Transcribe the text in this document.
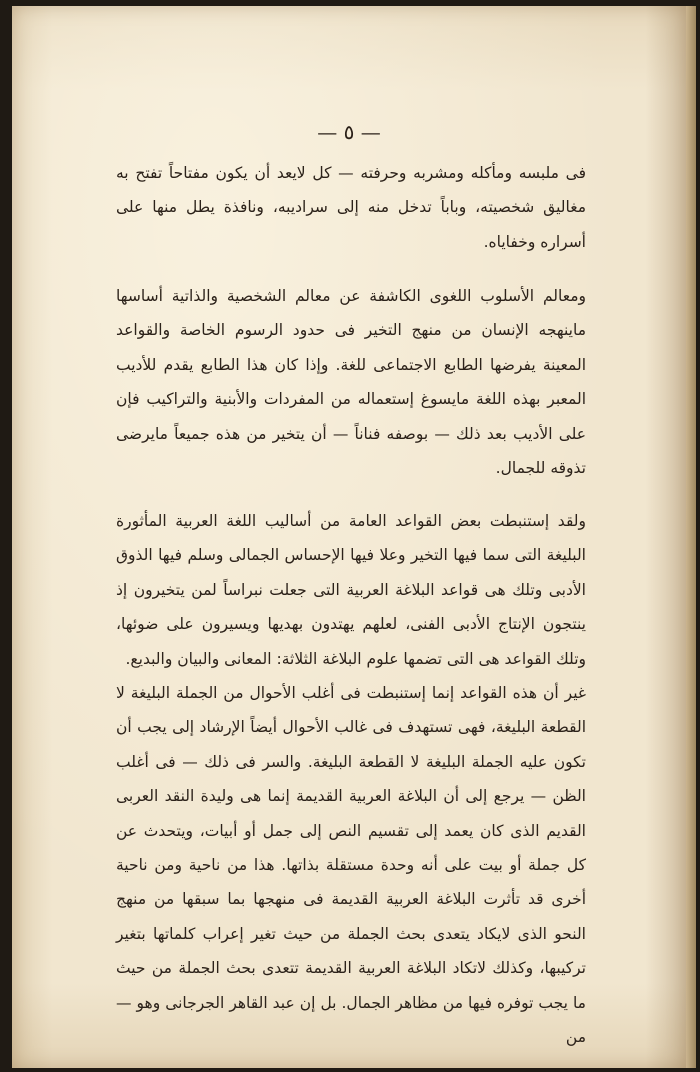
— ٥ —

فى ملبسه ومأكله ومشربه وحرفته — كل لايعد أن يكون مفتاحاً تفتح به مغاليق شخصيته، وباباً تدخل منه إلى سراديبه، ونافذة يطل منها على أسراره وخفاياه.

ومعالم الأسلوب اللغوى الكاشفة عن معالم الشخصية والذاتية أساسها ماينهجه الإنسان من منهج التخير فى حدود الرسوم الخاصة والقواعد المعينة يفرضها الطابع الاجتماعى للغة. وإذا كان هذا الطابع يقدم للأديب المعبر بهذه اللغة مايسوغ إستعماله من المفردات والأبنية والتراكيب فإن على الأديب بعد ذلك — بوصفه فناناً — أن يتخير من هذه جميعاً مايرضى تذوقه للجمال.

ولقد إستنبطت بعض القواعد العامة من أساليب اللغة العربية المأثورة البليغة التى سما فيها التخير وعلا فيها الإحساس الجمالى وسلم فيها الذوق الأدبى وتلك هى قواعد البلاغة العربية التى جعلت نبراساً لمن يتخيرون إذ ينتجون الإنتاج الأدبى الفنى، لعلهم يهتدون بهديها ويسيرون على ضوئها، وتلك القواعد هى التى تضمها علوم البلاغة الثلاثة: المعانى والبيان والبديع.

غير أن هذه القواعد إنما إستنبطت فى أغلب الأحوال من الجملة البليغة لا القطعة البليغة، فهى تستهدف فى غالب الأحوال أيضاً الإرشاد إلى يجب أن تكون عليه الجملة البليغة لا القطعة البليغة. والسر فى ذلك — فى أغلب الظن — يرجع إلى أن البلاغة العربية القديمة إنما هى وليدة النقد العربى القديم الذى كان يعمد إلى تقسيم النص إلى جمل أو أبيات، ويتحدث عن كل جملة أو بيت على أنه وحدة مستقلة بذاتها. هذا من ناحية ومن ناحية أخرى قد تأثرت البلاغة العربية القديمة فى منهجها بما سبقها من منهج النحو الذى لايكاد يتعدى بحث الجملة من حيث تغير إعراب كلماتها بتغير تركيبها، وكذلك لاتكاد البلاغة العربية القديمة تتعدى بحث الجملة من حيث ما يجب توفره فيها من مظاهر الجمال. بل إن عبد القاهر الجرجانى وهو — من
